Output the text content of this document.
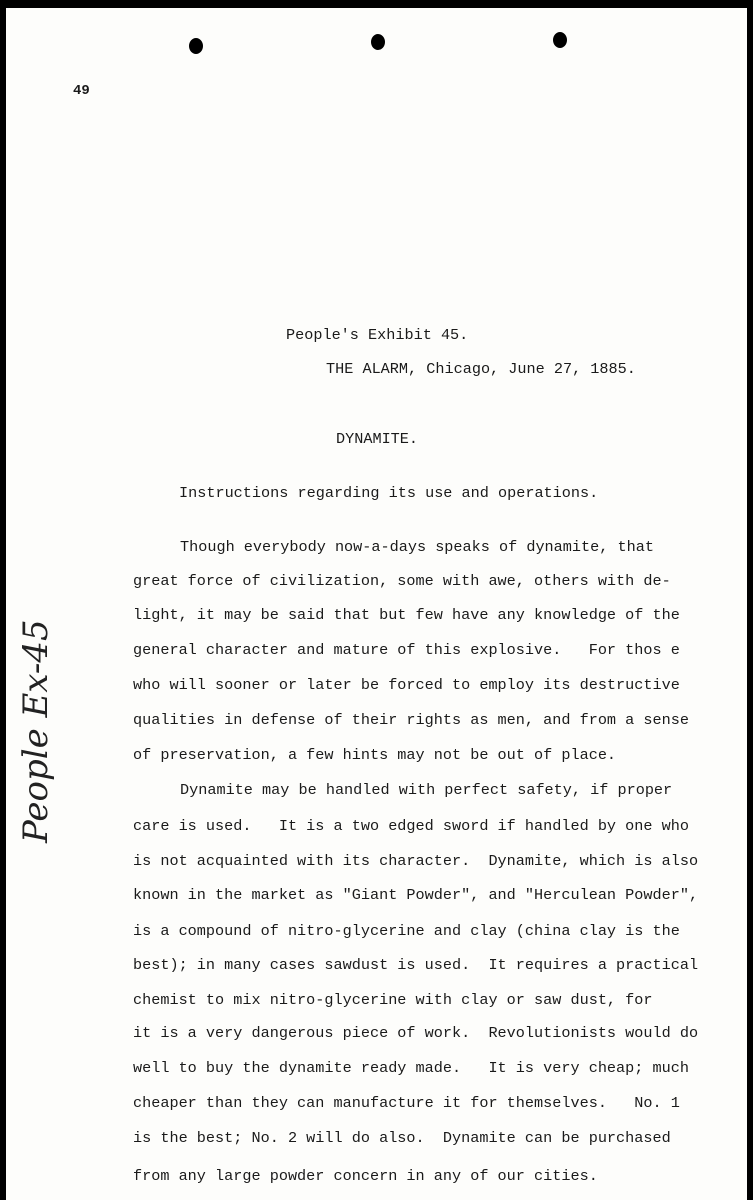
49
People's Exhibit 45.
THE ALARM, Chicago, June 27, 1885.
DYNAMITE.
Instructions regarding its use and operations.
Though everybody now-a-days speaks of dynamite, that
great force of civilization, some with awe, others with de-
light, it may be said that but few have any knowledge of the
general character and mature of this explosive.   For thos e
who will sooner or later be forced to employ its destructive
qualities in defense of their rights as men, and from a sense
of preservation, a few hints may not be out of place.
Dynamite may be handled with perfect safety, if proper
care is used.   It is a two edged sword if handled by one who
is not acquainted with its character.  Dynamite, which is also
known in the market as "Giant Powder", and "Herculean Powder",
is a compound of nitro-glycerine and clay (china clay is the
best); in many cases sawdust is used.  It requires a practical
chemist to mix nitro-glycerine with clay or saw dust, for
it is a very dangerous piece of work.  Revolutionists would do
well to buy the dynamite ready made.   It is very cheap; much
cheaper than they can manufacture it for themselves.   No. 1
is the best; No. 2 will do also.  Dynamite can be purchased
from any large powder concern in any of our cities.
People Ex-45
